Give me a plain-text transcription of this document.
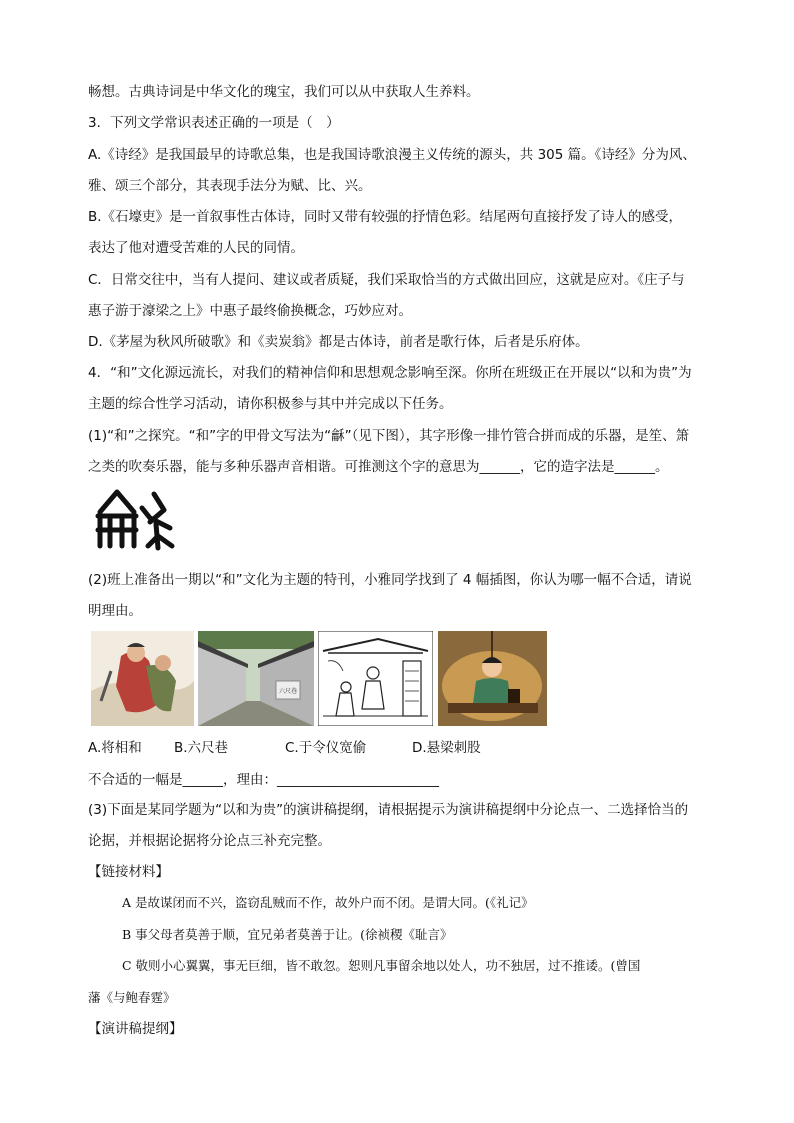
畅想。古典诗词是中华文化的瑰宝，我们可以从中获取人生养料。
3．下列文学常识表述正确的一项是（　）
A.《诗经》是我国最早的诗歌总集，也是我国诗歌浪漫主义传统的源头，共 305 篇。《诗经》分为风、
雅、颂三个部分，其表现手法分为赋、比、兴。
B.《石壕吏》是一首叙事性古体诗，同时又带有较强的抒情色彩。结尾两句直接抒发了诗人的感受，
表达了他对遭受苦难的人民的同情。
C．日常交往中，当有人提问、建议或者质疑，我们采取恰当的方式做出回应，这就是应对。《庄子与
惠子游于濠梁之上》中惠子最终偷换概念，巧妙应对。
D.《茅屋为秋风所破歌》和《卖炭翁》都是古体诗，前者是歌行体，后者是乐府体。
4．“和”文化源远流长，对我们的精神信仰和思想观念影响至深。你所在班级正在开展以“以和为贵”为
主题的综合性学习活动，请你积极参与其中并完成以下任务。
(1)“和”之探究。“和”字的甲骨文写法为“龢”（见下图），其字形像一排竹管合拼而成的乐器，是笙、箫
之类的吹奏乐器，能与多种乐器声音相谐。可推测这个字的意思为______，它的造字法是______。
(2)班上准备出一期以“和”文化为主题的特刊，小雅同学找到了 4 幅插图，你认为哪一幅不合适，请说
明理由。
六尺巷
A.将相和 B.六尺巷	C.于令仪宽偷	D.悬梁刺股
不合适的一幅是______，理由：________________________
(3)下面是某同学题为“以和为贵”的演讲稿提纲，请根据提示为演讲稿提纲中分论点一、二选择恰当的
论据，并根据论据将分论点三补充完整。
【链接材料】
A 是故谋闭而不兴，盗窃乱贼而不作，故外户而不闭。是谓大同。(《礼记》
B 事父母者莫善于顺，宜兄弟者莫善于让。(徐祯稷《耻言》
C 敬则小心翼翼，事无巨细，皆不敢忽。恕则凡事留余地以处人，功不独居，过不推诿。(曾国
藩《与鲍春霆》
【演讲稿提纲】
